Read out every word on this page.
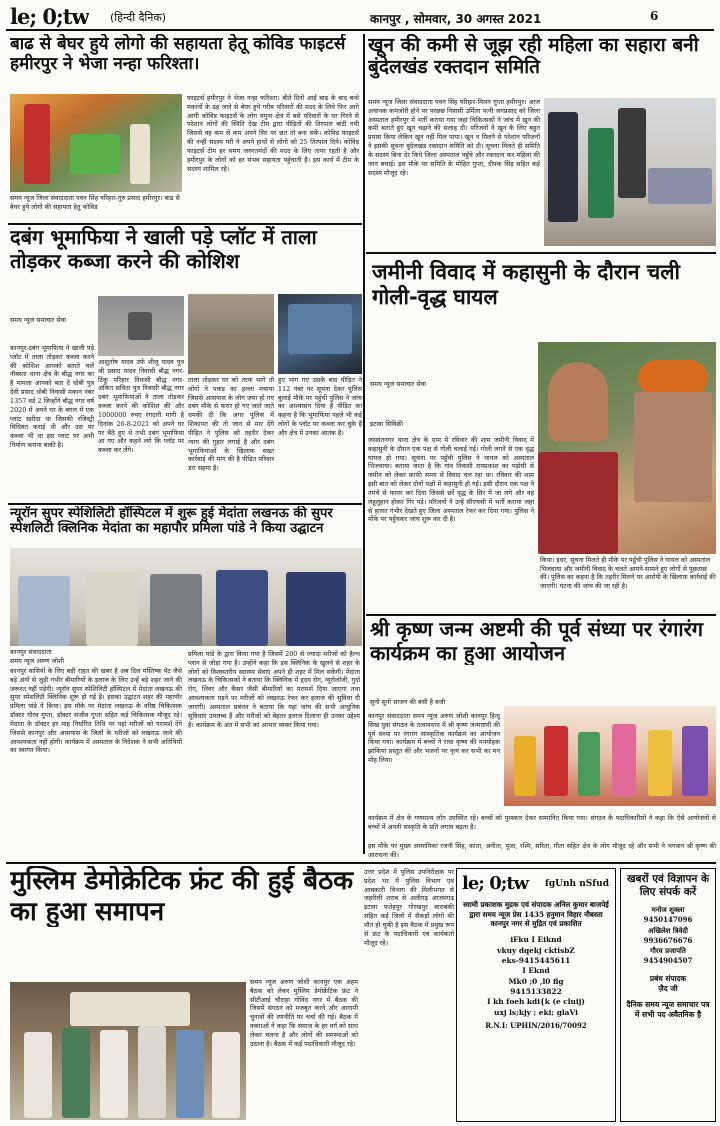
le; 0;tw (हिन्दी दैनिक)	कानपुर , सोमवार, 30 अगस्त 2021	6
बाढ से बेघर हुये लोगो की सहायता हेतू कोविड फाइटर्स हमीरपुर ने भेजा नन्हा फरिश्ता।
समय न्यूज जिला संवाददाता पवन सिंह परिहार-गुरु प्रसाद हमीरपुर। बाढ से बेघर हुये लोगो की सहायता हेतु कोविड
फाइटर्स हमीरपुर ने भेजा नन्हा फरिश्ता। बीते दिनों आई बाढ के बाद बन्धे मकानों के ढह जाने से बेघर हुये गरीब परिवारों की मदद के लिये फिर आगे आयी कोविड फाइटर्स के लोग यमुना क्षेत्र में बसे परिवारों के घर गिरने से परेशान लोगों की स्थिति देख टीम द्वारा पीड़ितों की तिरपाल बांटी गयी जिससे वह कम से कम अपने सिर पर छत तो बना सकें। कोविड फाइटर्स की नन्ही सदस्य परी ने अपने हाथों से लोगो को 25 तिरपाल दिये। कोविड फाइटर्स टीम हर समय जरुरतमंदों की मदद के लिए तत्पर रहती है और हमीरपुर के लोगों को हर संभव सहायता पहुँचाती है। इस कार्य में टीम के सदस्य शामिल रहे।
खून की कमी से जूझ रही महिला का सहारा बनी बुंदेलखंड रक्तदान समिति
समय न्यूज जिला संवाददाता पवन सिंह परिहार-मिलन गुप्ता हमीरपुर। आज अचानक कमजोरी होने पर परछछ निवासी उर्मिला पत्नी जगप्रसाद को जिला अस्पताल हमीरपुर में भर्ती कराया गया जहां चिकित्सकों ने जांच में खून की कमी बताते हुए खून चढ़ाने की सलाह दी। परिजनों ने खून के लिए बहुत प्रयास किया लेकिन खून नहीं मिल पाया। खून न मिलने से परेशान परिजनों ने इसकी सूचना बुंदेलखंड रक्तदान समिति को दी। सूचना मिलते ही समिति के सदस्य बिना देर किये जिला अस्पताल पहुँचे और रक्तदान कर महिला की जान बचाई। इस मौके पर समिति के मोहित गुप्ता, दीपक सिंह सहित कई सदस्य मौजूद रहे।
दबंग भूमाफिया ने खाली पड़े प्लॉट में ताला तोड़कर कब्जा करने की कोशिश
समय न्यूज समाचार सेवा
कानपुर-दबंग भूमाफिया ने खाली पड़े प्लॉट में ताला तोड़कर कब्जा करने की कोशिश आपको बताते चलें नौबस्ता थाना क्षेत्र के बौद्ध नगर का है मामला आपको बता दें धोबी पुत्र देवी प्रसाद धोबी निवासी मकान नंबर 1357 वर्ड 2 जिन्होंने बौद्ध नगर वर्ष 2020 में अपने घर के बगल में एक प्लाट खरीदा था जिसकी रजिस्ट्री विधिवत कराई थी और उस पर कब्जा भी था इस प्लाट पर अभी निर्माण कराना बाकी है।
आशुतोष यादव उर्फ शीलू यादव पुत्र श्री प्रसाद यादव निवासी बौद्ध नगर- टिंकू परिहार निवासी बौद्ध नगर- अंकित सविता पुत्र निवासी बौद्ध नगर दबंग भूमाफियाओं ने ताला तोड़कर कब्जा करने की कोशिश की और 1000000 रुपए रंगदारी मांगी है दिनांक 26-8-2021 को अपने घर पर बैठे हुए थे तभी दबंग भूमाफिया आ गए और कहने लगे कि प्लॉट पर कब्जा कर लेंगे।
ताला तोड़कर घर को तरफ भागे तो लोगों ने पकड़ का हल्ला मचाया जिससे आसपास के लोग जमा हो गए दबंग मौके से फरार हो गए जाते जाते धमकी दी कि अगर पुलिस में शिकायत की तो जान से मार देंगे पीड़ित ने पुलिस को तहरीर देकर न्याय की गुहार लगाई है और दबंग भूमाफियाओं के खिलाफ सख्त कार्रवाई की मांग की है पीड़ित परिवार डरा सहमा है।
हुए भाग गए उसके बाद पीड़ित ने 112 नंबर पर सूचना देकर पुलिस बुलाई मौके पर पहुँची पुलिस ने जांच का आश्वासन दिया है पीड़ित का कहना है कि भूमाफिया पहले भी कई लोगों के प्लॉट पर कब्जा कर चुके हैं और क्षेत्र में उनका आतंक है।
जमीनी विवाद में कहासुनी के दौरान चली गोली-वृद्ध घायल
समय न्यूज समाचार सेवा
इटावा सिविक्री
जसवंतनगर थाना क्षेत्र के ग्राम में रविवार की शाम जमीनी विवाद में कहासुनी के दौरान एक पक्ष से गोली चलाई गई। गोली लगने से एक वृद्ध घायल हो गया। सूचना पर पहुँची पुलिस ने घायल को अस्पताल भिजवाया। बताया जाता है कि गांव निवासी रामप्रकाश का पड़ोसी से जमीन को लेकर काफी समय से विवाद चल रहा था। रविवार की शाम इसी बात को लेकर दोनों पक्षों में कहासुनी हो गई। इसी दौरान एक पक्ष ने तमंचे से फायर कर दिया जिससे छर्रे वृद्ध के सिर में जा लगे और वह लहूलुहान होकर गिर पड़े। परिजनों ने उन्हें सीएचसी में भर्ती कराया जहां से हालत गंभीर देखते हुए जिला अस्पताल रेफर कर दिया गया। पुलिस ने मौके पर पहुँचकर जांच शुरू कर दी है।
किया। इधर, सूचना मिलते ही मौके पर पहुँची पुलिस ने घायल को अस्पताल भिजवाया और जमीनी विवाद के चलते आमने-सामने हुए लोगों से पूछताछ की। पुलिस का कहना है कि तहरीर मिलने पर आरोपी के खिलाफ कार्रवाई की जाएगी। घटना की जांच की जा रही है।
न्यूरॉन सुपर स्पेशिलिटी हॉस्पिटल में शुरू हुई मेदांता लखनऊ की सुपर स्पेशलिटी क्लिनिक मेदांता का महापौर प्रमिला पांडे ने किया उद्घाटन
कानपुर संवाददाता
समय न्यूज अरुण जोशी
कानपुर वासियों के लिए बड़ी राहत की खबर है अब दिल मस्तिष्क पेट जैसे बड़े अंगों से जुड़ी गंभीर बीमारियों के इलाज के लिए उन्हें बड़े शहर जाने की जरूरत नहीं पड़ेगी। न्यूरॉन सुपर स्पेशिलिटी हॉस्पिटल में मेदांता लखनऊ की सुपर स्पेशलिटी क्लिनिक शुरू हो गई है। इसका उद्घाटन शहर की महापौर प्रमिला पांडे ने किया। इस मौके पर मेदांता लखनऊ के वरिष्ठ चिकित्सक डॉक्टर गौरव गुप्ता, डॉक्टर संजीव गुप्ता सहित कई चिकित्सक मौजूद रहे। मेदांता के डॉक्टर हर माह निर्धारित तिथि पर यहां मरीजों को परामर्श देंगे जिससे कानपुर और आसपास के जिलों के मरीजों को लखनऊ जाने की आवश्यकता नहीं होगी। कार्यक्रम में अस्पताल के निदेशक ने सभी अतिथियों का स्वागत किया।
प्रमिला पांडे के द्वारा किया गया है जिसमें 200 से ज्यादा मरीजों को हैल्थ प्लान से जोड़ा गया है। उन्होंने कहा कि इस क्लिनिक के खुलने से शहर के लोगों को विश्वस्तरीय स्वास्थ्य सेवाएं अपने ही शहर में मिल सकेंगी। मेदांता लखनऊ के चिकित्सकों ने बताया कि क्लिनिक में हृदय रोग, न्यूरोलॉजी, गुर्दा रोग, लिवर और कैंसर जैसी बीमारियों का परामर्श दिया जाएगा तथा आवश्यकता पड़ने पर मरीजों को लखनऊ रेफर कर इलाज की सुविधा दी जाएगी। अस्पताल प्रबंधन ने बताया कि यहां जांच की सभी आधुनिक सुविधाएं उपलब्ध हैं और मरीजों को बेहतर इलाज दिलाना ही उनका उद्देश्य है। कार्यक्रम के अंत में सभी का आभार व्यक्त किया गया।
श्री कृष्ण जन्म अष्टमी की पूर्व संध्या पर रंगारंग कार्यक्रम का हुआ आयोजन
सुनो सुनो साजन की बंसी है बजी
कानपुर संवाददाता समय न्यूज अरुण जोशी कानपुर हिन्दू सिख युवा संगठन के तत्वावधान में श्री कृष्ण जन्माष्टमी की पूर्व संध्या पर रंगारंग सांस्कृतिक कार्यक्रम का आयोजन किया गया। कार्यक्रम में बच्चों ने राधा कृष्ण की मनमोहक झांकियां प्रस्तुत कीं और भजनों पर नृत्य कर सभी का मन मोह लिया।
कार्यक्रम में क्षेत्र के गणमान्य लोग उपस्थित रहे। बच्चों को पुरस्कार देकर सम्मानित किया गया। संगठन के पदाधिकारियों ने कहा कि ऐसे आयोजनों से बच्चों में अपनी संस्कृति के प्रति लगाव बढ़ता है।
इस मौके पर मुख्य अध्यापिका रजनी सिंह, कांता, अनीता, पूजा, रश्मि, सरिता, गीता सहित क्षेत्र के लोग मौजूद रहे और सभी ने भगवान श्री कृष्ण की आराधना की।
मुस्लिम डेमोक्रेटिक फ्रंट की हुई बैठक का हुआ समापन
समय न्यूज अरुण जोशी कानपुर एक अहम बैठक को लेकर मुस्लिम डेमोक्रेटिक फ्रंट ने सीटीआई चौराहा गोविंद नगर में बैठक की जिसमें संगठन को मजबूत करने और आगामी चुनावों की रणनीति पर चर्चा की गई। बैठक में वक्ताओं ने कहा कि समाज के हर वर्ग को साथ लेकर चलना है और लोगों की समस्याओं को उठाना है। बैठक में कई पदाधिकारी मौजूद रहे।
उत्तर प्रदेश में पुलिस उपनिरीक्षक पर प्रदेश भर में पुलिस विभाग एवं आबकारी विभाग की मिलीभगत से जहरीली शराब से अलीगढ़ आजमगढ़ इटावा फतेहपुर गोरखपुर बाराबंकी सहित कई जिलों में सैकड़ों लोगों की मौत हो चुकी है इस बैठक में प्रमुख रूप से फ्रंट के पदाधिकारी एवं कार्यकर्ता मौजूद रहे।
le; 0;tw	fgUnh nSfud
स्वामी प्रकाशक मुद्रक एवं संपादक अनिल कुमार बाजपेई द्वारा समय न्यूज प्रेस 1435 हनुमान विहार नौबस्ता कानपुर नगर से मुद्रित एवं प्रकाशित
iFku I Eiknd
vkuy dqekj cktisbZ
eks-9415445611
I Eknd
Mk0 ;0 ,l0 flg
9415133822
I kh foeh kdi{k (e cluij)
uxj ls;kjy ; eki; glaVi
R.N.I: UPHIN/2016/70092
खबरों एवं विज्ञापन के लिए संपर्क करें
मनोज शुक्ला
9450147096
अखिलेश त्रिवेदी
9936676676
गौरव प्रजापति
9454904507
प्रबंध संपादक
ज़ैद जी
दैनिक समय न्यूज समाचार पत्र में सभी पद अवैतनिक है
